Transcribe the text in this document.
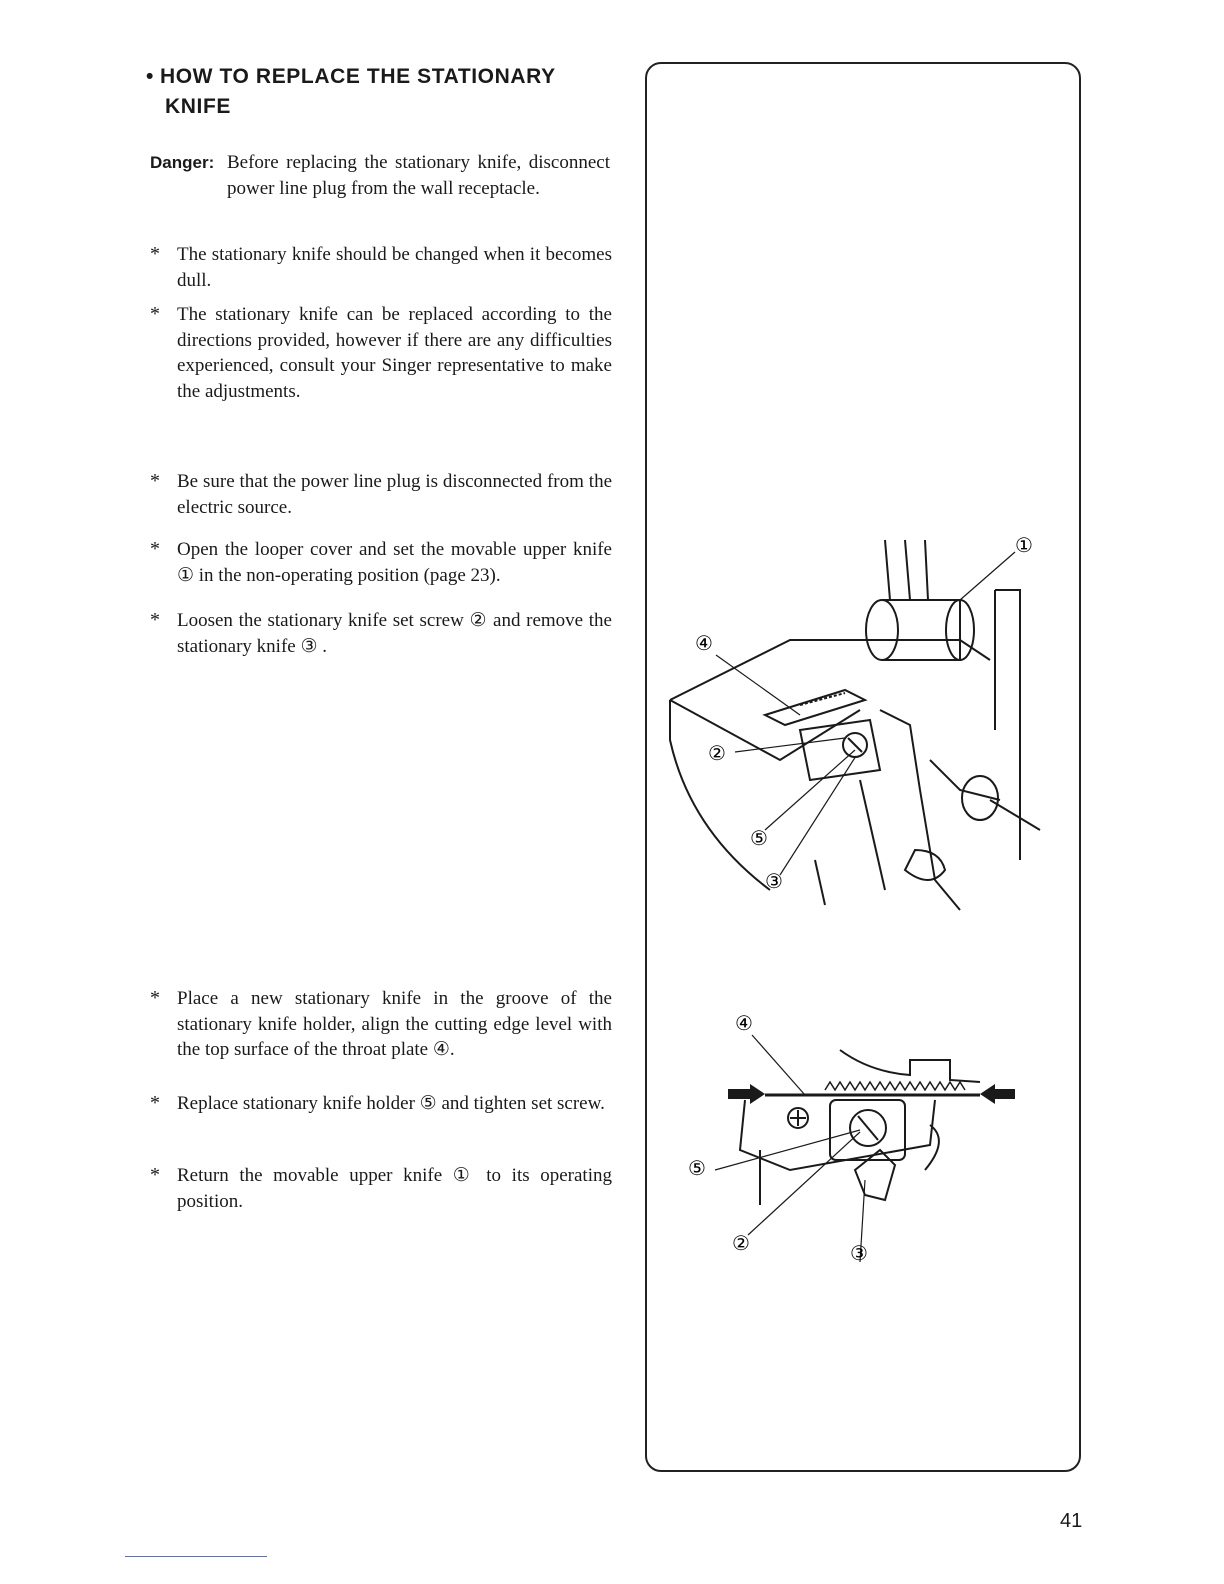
• HOW TO REPLACE THE STATIONARY
KNIFE
Danger: Before replacing the stationary knife, disconnect power line plug from the wall receptacle.
* The stationary knife should be changed when it becomes dull.
* The stationary knife can be replaced according to the directions provided, however if there are any difficulties experienced, consult your Singer representative to make the adjustments.
* Be sure that the power line plug is disconnected from the electric source.
* Open the looper cover and set the movable upper knife ① in the non-operating position (page 23).
* Loosen the stationary knife set screw ② and remove the stationary knife ③ .
* Place a new stationary knife in the groove of the stationary knife holder, align the cutting edge level with the top surface of the throat plate ④.
* Replace stationary knife holder ⑤ and tighten set screw.
* Return the movable upper knife ① to its operating position.
①
④
②
⑤
③
④
⑤
②	③
41
